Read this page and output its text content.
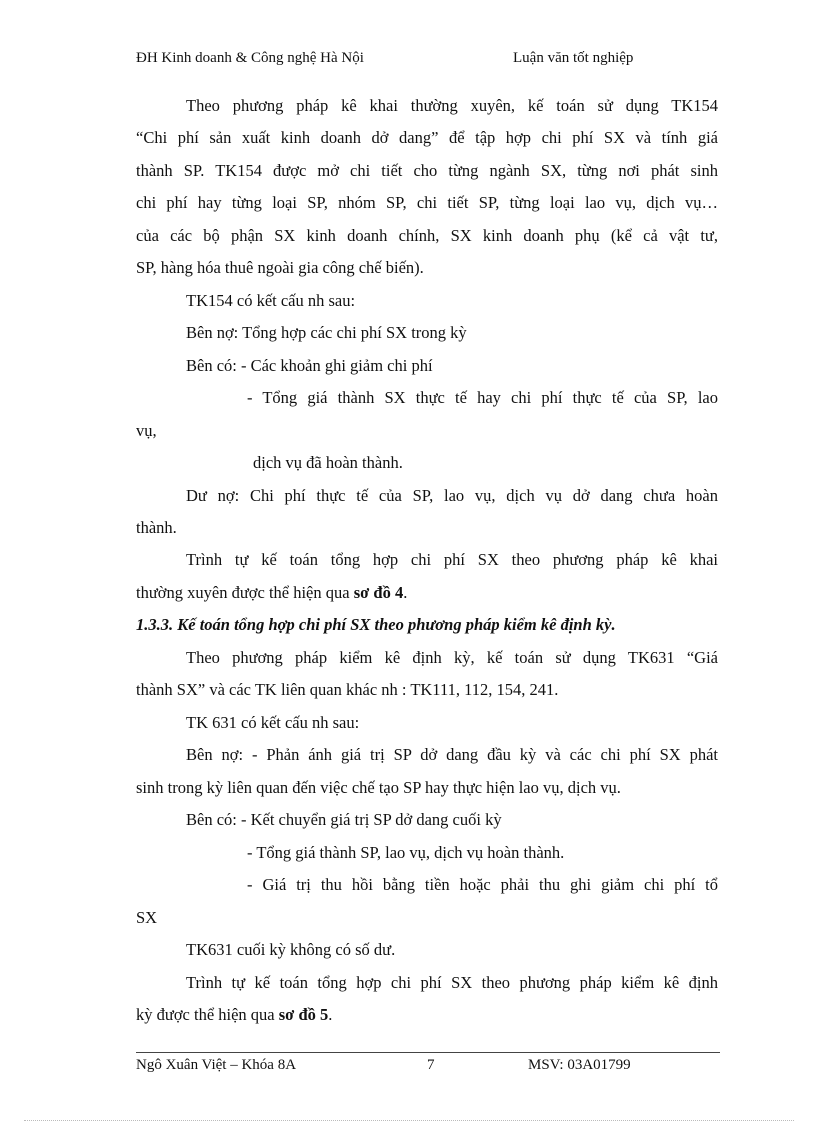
ĐH Kinh doanh & Công nghệ Hà Nội	Luận văn tốt nghiệp
Theo phương pháp kê khai thường xuyên, kế toán sử dụng TK154
“Chi phí sản xuất kinh doanh dở dang” để tập hợp chi phí SX và tính giá
thành SP. TK154 được mở chi tiết cho từng ngành SX, từng nơi phát sinh
chi phí hay từng loại SP, nhóm SP, chi tiết SP, từng loại lao vụ, dịch vụ…
của các bộ phận SX kinh doanh chính, SX kinh doanh phụ (kể cả vật tư,
SP, hàng hóa thuê ngoài gia công chế biến).
TK154 có kết cấu nh sau:
Bên nợ: Tổng hợp các chi phí SX trong kỳ
Bên có: - Các khoản ghi giảm chi phí
- Tổng giá thành SX thực tế hay chi phí thực tế của SP, lao
vụ,
dịch vụ đã hoàn thành.
Dư nợ: Chi phí thực tế của SP, lao vụ, dịch vụ dở dang chưa hoàn
thành.
Trình tự kế toán tổng hợp chi phí SX theo phương pháp kê khai
thường xuyên được thể hiện qua sơ đồ 4.
1.3.3. Kế toán tổng hợp chi phí SX theo phương pháp kiểm kê định kỳ.
Theo phương pháp kiểm kê định kỳ, kế toán sử dụng TK631 “Giá
thành SX” và các TK liên quan khác nh : TK111, 112, 154, 241.
TK 631 có kết cấu nh sau:
Bên nợ: - Phản ánh giá trị SP dở dang đầu kỳ và các chi phí SX phát
sinh trong kỳ liên quan đến việc chế tạo SP hay thực hiện lao vụ, dịch vụ.
Bên có: - Kết chuyển giá trị SP dở dang cuối kỳ
- Tổng giá thành SP, lao vụ, dịch vụ hoàn thành.
- Giá trị thu hồi bằng tiền hoặc phải thu ghi giảm chi phí tổ
SX
TK631 cuối kỳ không có số dư.
Trình tự kế toán tổng hợp chi phí SX theo phương pháp kiểm kê định
kỳ được thể hiện qua sơ đồ 5.
Ngô Xuân Việt – Khóa 8A	7	MSV: 03A01799
